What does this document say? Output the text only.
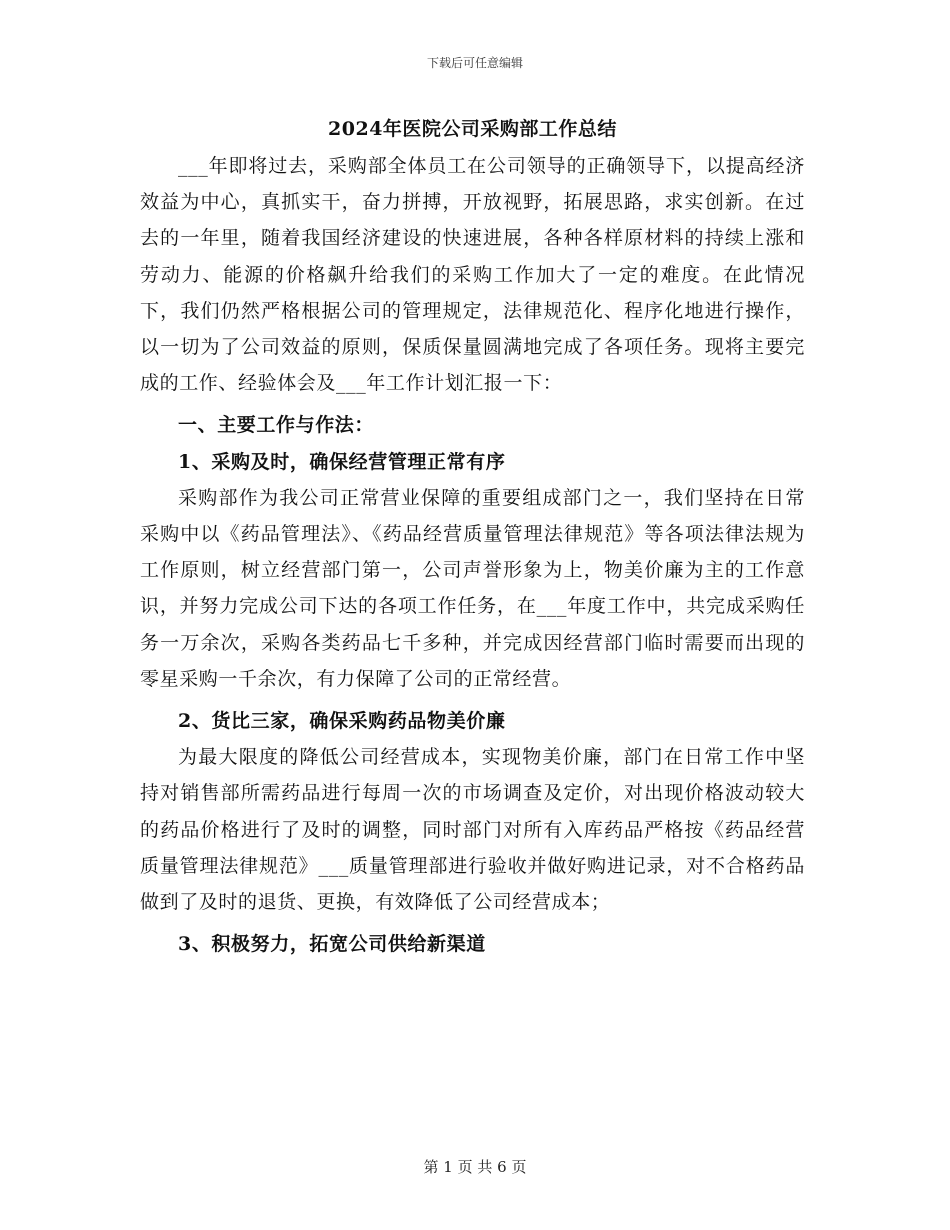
下载后可任意编辑
2024年医院公司采购部工作总结

___年即将过去，采购部全体员工在公司领导的正确领导下，以提高经济效益为中心，真抓实干，奋力拼搏，开放视野，拓展思路，求实创新。在过去的一年里，随着我国经济建设的快速进展，各种各样原材料的持续上涨和劳动力、能源的价格飙升给我们的采购工作加大了一定的难度。在此情况下，我们仍然严格根据公司的管理规定，法律规范化、程序化地进行操作，以一切为了公司效益的原则，保质保量圆满地完成了各项任务。现将主要完成的工作、经验体会及___年工作计划汇报一下：

一、主要工作与作法：
1、采购及时，确保经营管理正常有序

采购部作为我公司正常营业保障的重要组成部门之一，我们坚持在日常采购中以《药品管理法》、《药品经营质量管理法律规范》等各项法律法规为工作原则，树立经营部门第一，公司声誉形象为上，物美价廉为主的工作意识，并努力完成公司下达的各项工作任务，在___年度工作中，共完成采购任务一万余次，采购各类药品七千多种，并完成因经营部门临时需要而出现的零星采购一千余次，有力保障了公司的正常经营。

2、货比三家，确保采购药品物美价廉

为最大限度的降低公司经营成本，实现物美价廉，部门在日常工作中坚持对销售部所需药品进行每周一次的市场调查及定价，对出现价格波动较大的药品价格进行了及时的调整，同时部门对所有入库药品严格按《药品经营质量管理法律规范》___质量管理部进行验收并做好购进记录，对不合格药品做到了及时的退货、更换，有效降低了公司经营成本；

3、积极努力，拓宽公司供给新渠道
第 1 页 共 6 页
